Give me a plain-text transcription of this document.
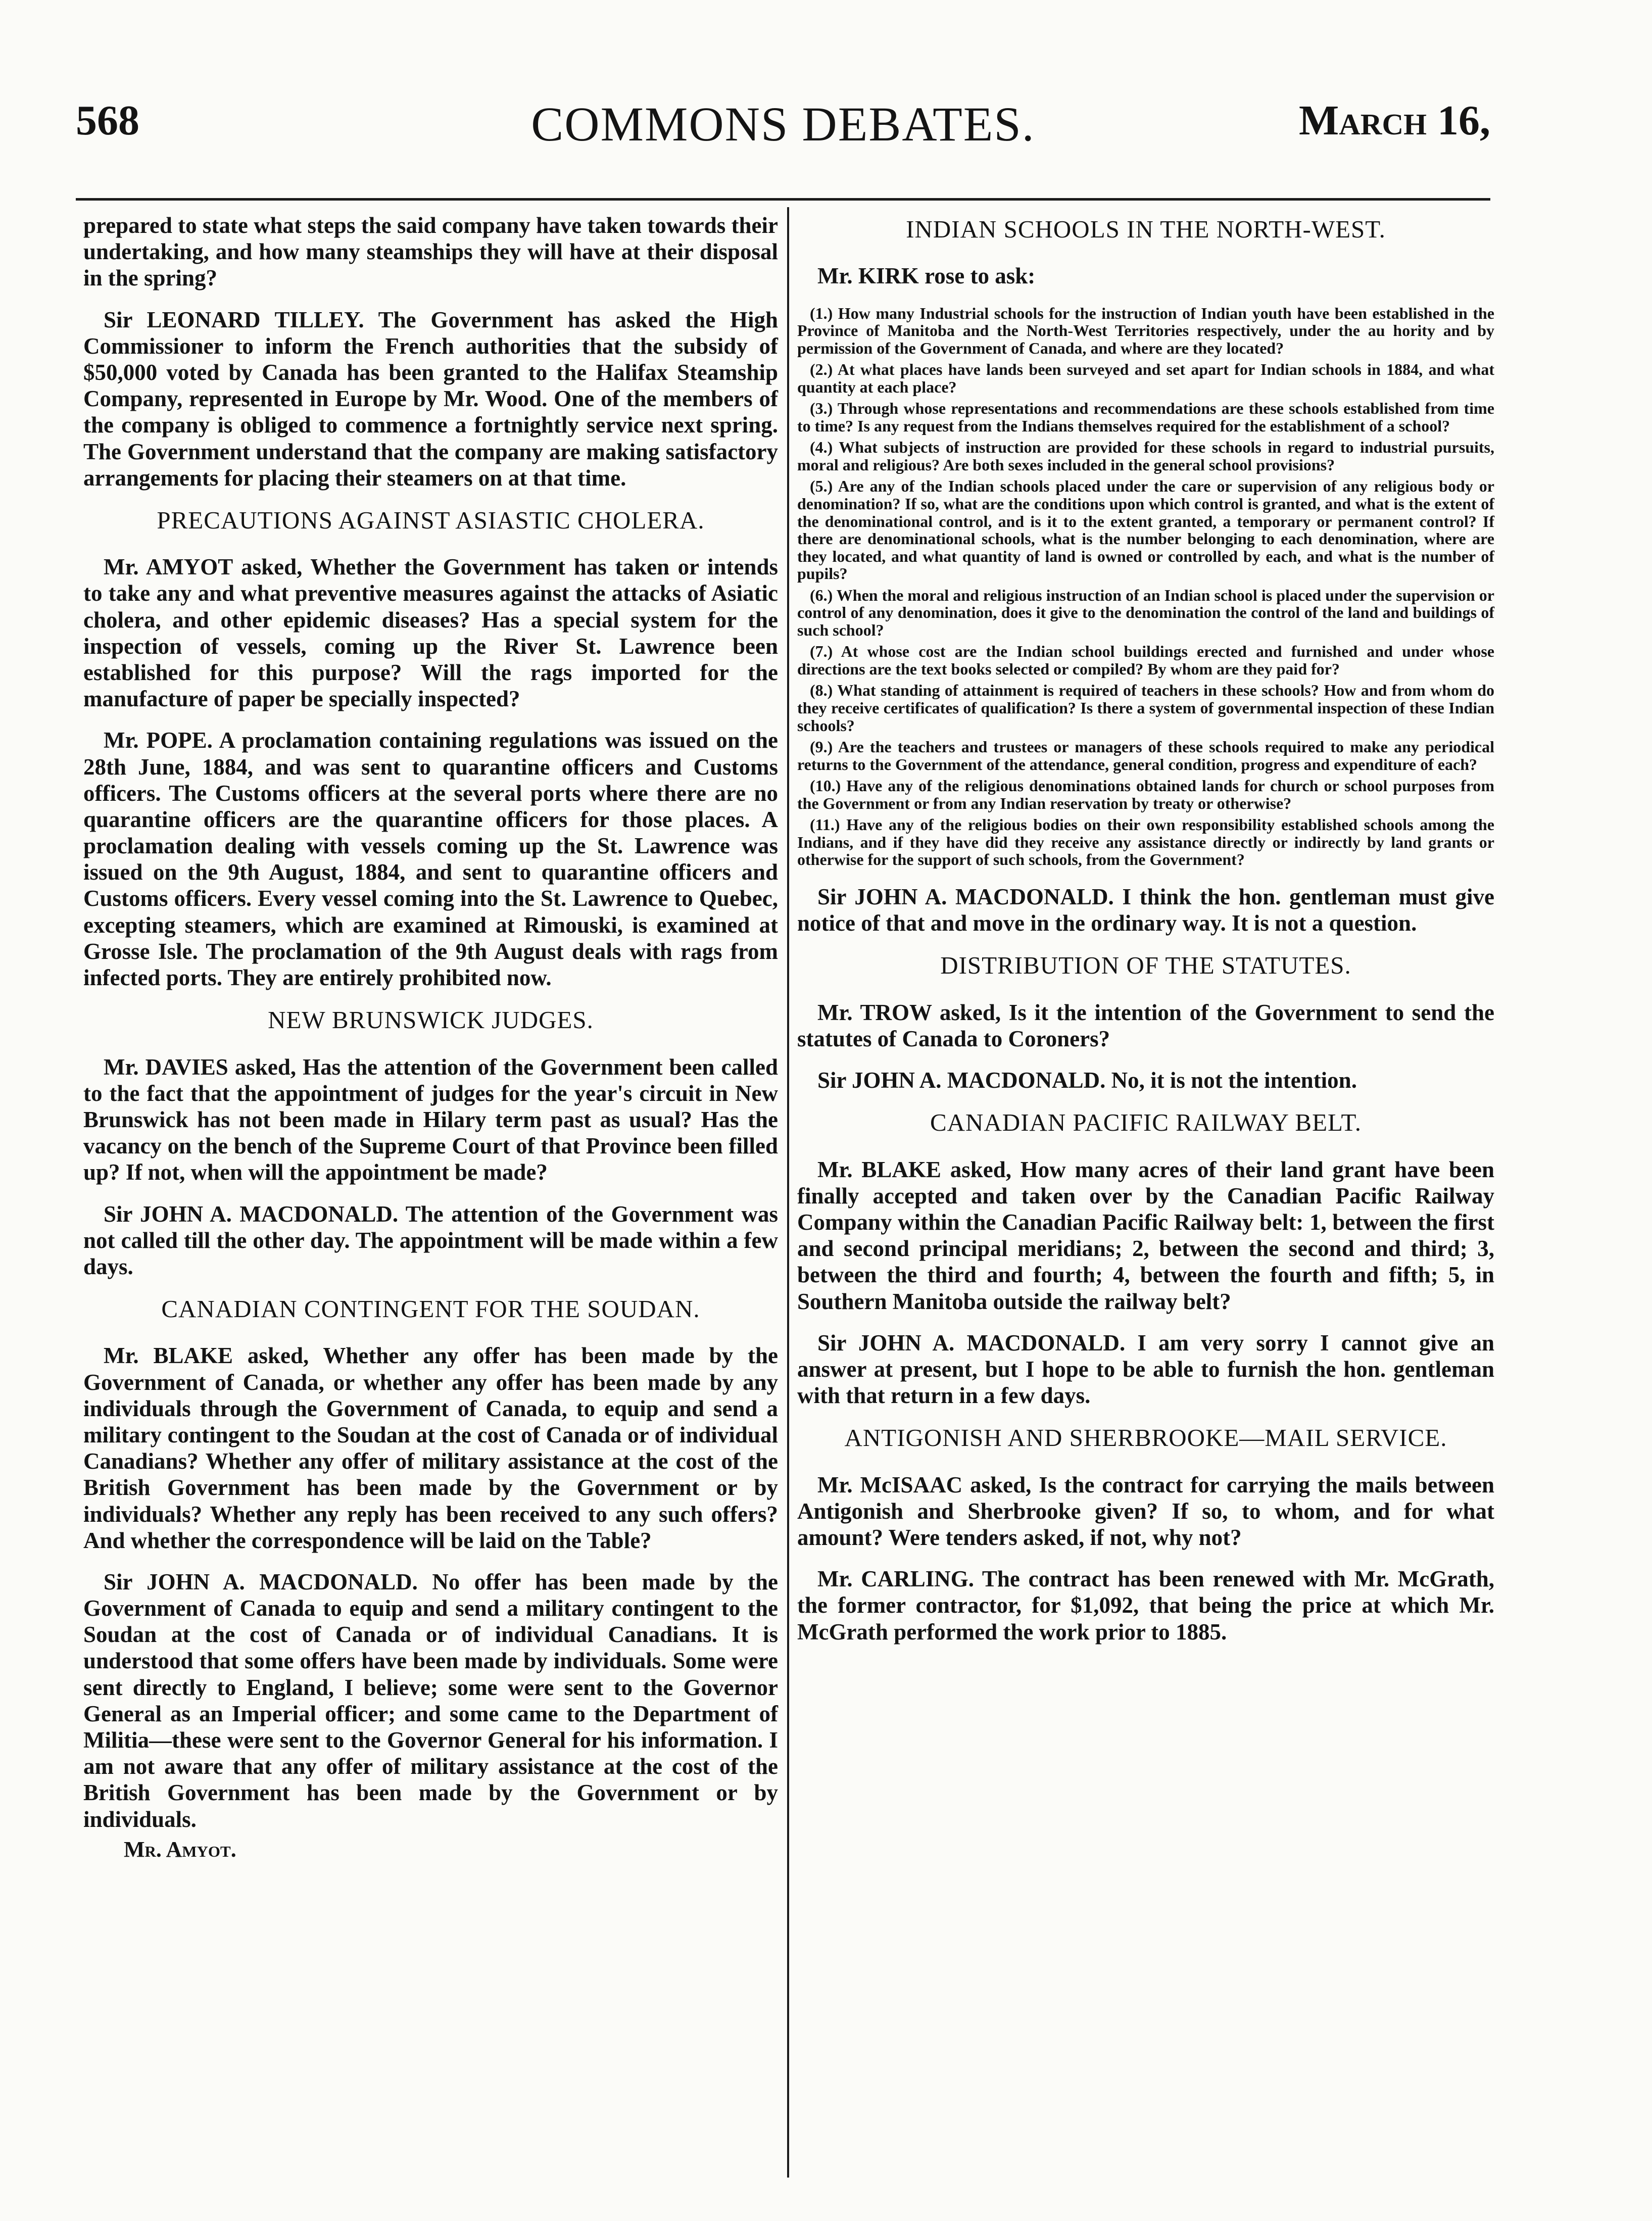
568	COMMONS DEBATES.	March 16,

prepared to state what steps the said company have taken towards their undertaking, and how many steamships they will have at their disposal in the spring?

Sir LEONARD TILLEY. The Government has asked the High Commissioner to inform the French authorities that the subsidy of $50,000 voted by Canada has been granted to the Halifax Steamship Company, represented in Europe by Mr. Wood. One of the members of the company is obliged to commence a fortnightly service next spring. The Government understand that the company are making satisfactory arrangements for placing their steamers on at that time.

PRECAUTIONS AGAINST ASIASTIC CHOLERA.

Mr. AMYOT asked, Whether the Government has taken or intends to take any and what preventive measures against the attacks of Asiatic cholera, and other epidemic diseases? Has a special system for the inspection of vessels, coming up the River St. Lawrence been established for this purpose? Will the rags imported for the manufacture of paper be specially inspected?

Mr. POPE. A proclamation containing regulations was issued on the 28th June, 1884, and was sent to quarantine officers and Customs officers. The Customs officers at the several ports where there are no quarantine officers are the quarantine officers for those places. A proclamation dealing with vessels coming up the St. Lawrence was issued on the 9th August, 1884, and sent to quarantine officers and Customs officers. Every vessel coming into the St. Lawrence to Quebec, excepting steamers, which are examined at Rimouski, is examined at Grosse Isle. The proclamation of the 9th August deals with rags from infected ports. They are entirely prohibited now.

NEW BRUNSWICK JUDGES.

Mr. DAVIES asked, Has the attention of the Government been called to the fact that the appointment of judges for the year's circuit in New Brunswick has not been made in Hilary term past as usual? Has the vacancy on the bench of the Supreme Court of that Province been filled up? If not, when will the appointment be made?

Sir JOHN A. MACDONALD. The attention of the Government was not called till the other day. The appointment will be made within a few days.

CANADIAN CONTINGENT FOR THE SOUDAN.

Mr. BLAKE asked, Whether any offer has been made by the Government of Canada, or whether any offer has been made by any individuals through the Government of Canada, to equip and send a military contingent to the Soudan at the cost of Canada or of individual Canadians? Whether any offer of military assistance at the cost of the British Government has been made by the Government or by individuals? Whether any reply has been received to any such offers? And whether the correspondence will be laid on the Table?

Sir JOHN A. MACDONALD. No offer has been made by the Government of Canada to equip and send a military contingent to the Soudan at the cost of Canada or of individual Canadians. It is understood that some offers have been made by individuals. Some were sent directly to England, I believe; some were sent to the Governor General as an Imperial officer; and some came to the Department of Militia—these were sent to the Governor General for his information. I am not aware that any offer of military assistance at the cost of the British Government has been made by the Government or by individuals.

Mr. Amyot.
INDIAN SCHOOLS IN THE NORTH-WEST.

Mr. KIRK rose to ask:

(1.) How many Industrial schools for the instruction of Indian youth have been established in the Province of Manitoba and the North-West Territories respectively, under the au hority and by permission of the Government of Canada, and where are they located?
(2.) At what places have lands been surveyed and set apart for Indian schools in 1884, and what quantity at each place?
(3.) Through whose representations and recommendations are these schools established from time to time? Is any request from the Indians themselves required for the establishment of a school?
(4.) What subjects of instruction are provided for these schools in regard to industrial pursuits, moral and religious? Are both sexes included in the general school provisions?
(5.) Are any of the Indian schools placed under the care or supervision of any religious body or denomination? If so, what are the conditions upon which control is granted, and what is the extent of the denominational control, and is it to the extent granted, a temporary or permanent control? If there are denominational schools, what is the number belonging to each denomination, where are they located, and what quantity of land is owned or controlled by each, and what is the number of pupils?
(6.) When the moral and religious instruction of an Indian school is placed under the supervision or control of any denomination, does it give to the denomination the control of the land and buildings of such school?
(7.) At whose cost are the Indian school buildings erected and furnished and under whose directions are the text books selected or compiled? By whom are they paid for?
(8.) What standing of attainment is required of teachers in these schools? How and from whom do they receive certificates of qualification? Is there a system of governmental inspection of these Indian schools?
(9.) Are the teachers and trustees or managers of these schools required to make any periodical returns to the Government of the attendance, general condition, progress and expenditure of each?
(10.) Have any of the religious denominations obtained lands for church or school purposes from the Government or from any Indian reservation by treaty or otherwise?
(11.) Have any of the religious bodies on their own responsibility established schools among the Indians, and if they have did they receive any assistance directly or indirectly by land grants or otherwise for the support of such schools, from the Government?

Sir JOHN A. MACDONALD. I think the hon. gentleman must give notice of that and move in the ordinary way. It is not a question.

DISTRIBUTION OF THE STATUTES.

Mr. TROW asked, Is it the intention of the Government to send the statutes of Canada to Coroners?

Sir JOHN A. MACDONALD. No, it is not the intention.

CANADIAN PACIFIC RAILWAY BELT.

Mr. BLAKE asked, How many acres of their land grant have been finally accepted and taken over by the Canadian Pacific Railway Company within the Canadian Pacific Railway belt: 1, between the first and second principal meridians; 2, between the second and third; 3, between the third and fourth; 4, between the fourth and fifth; 5, in Southern Manitoba outside the railway belt?

Sir JOHN A. MACDONALD. I am very sorry I cannot give an answer at present, but I hope to be able to furnish the hon. gentleman with that return in a few days.

ANTIGONISH AND SHERBROOKE—MAIL SERVICE.

Mr. McISAAC asked, Is the contract for carrying the mails between Antigonish and Sherbrooke given? If so, to whom, and for what amount? Were tenders asked, if not, why not?

Mr. CARLING. The contract has been renewed with Mr. McGrath, the former contractor, for $1,092, that being the price at which Mr. McGrath performed the work prior to 1885.
